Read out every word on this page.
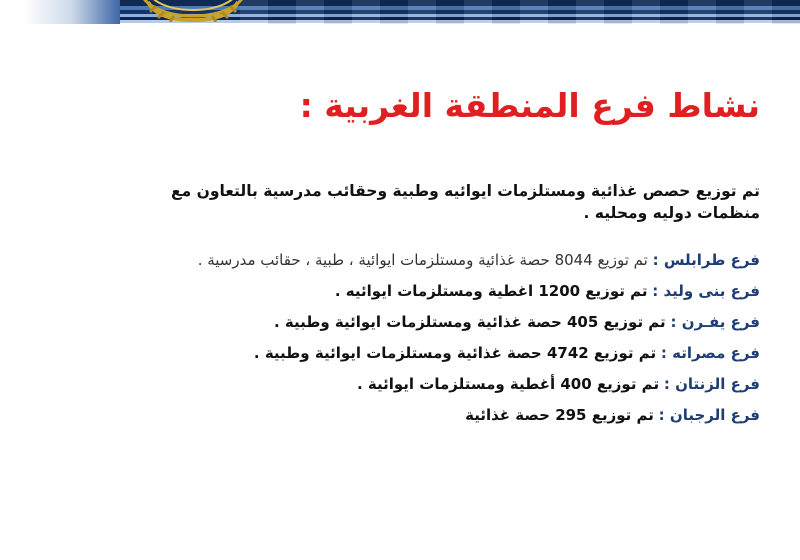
نشاط فرع المنطقة الغربية :

تم توزيع حصص غذائية ومستلزمات ايوائيه وطبية وحقائب مدرسية بالتعاون مع منظمات دوليه ومحليه .

فرع طرابلس : تم توزيع 8044 حصة غذائية ومستلزمات ايوائية ، طبية ، حقائب مدرسية .
فرع بنى وليد : تم توزيع 1200 اغطية ومستلزمات ايوائيه .
فرع يفـرن : تم توزيع 405 حصة غذائية ومستلزمات ايوائية وطبية .
فرع مصراته : تم توزيع 4742 حصة غذائية ومستلزمات ايوائية وطبية .
فرع الزنتان : تم توزيع 400 أغطية ومستلزمات ايوائية .
فرع الرجبان : تم توزيع 295 حصة غذائية
